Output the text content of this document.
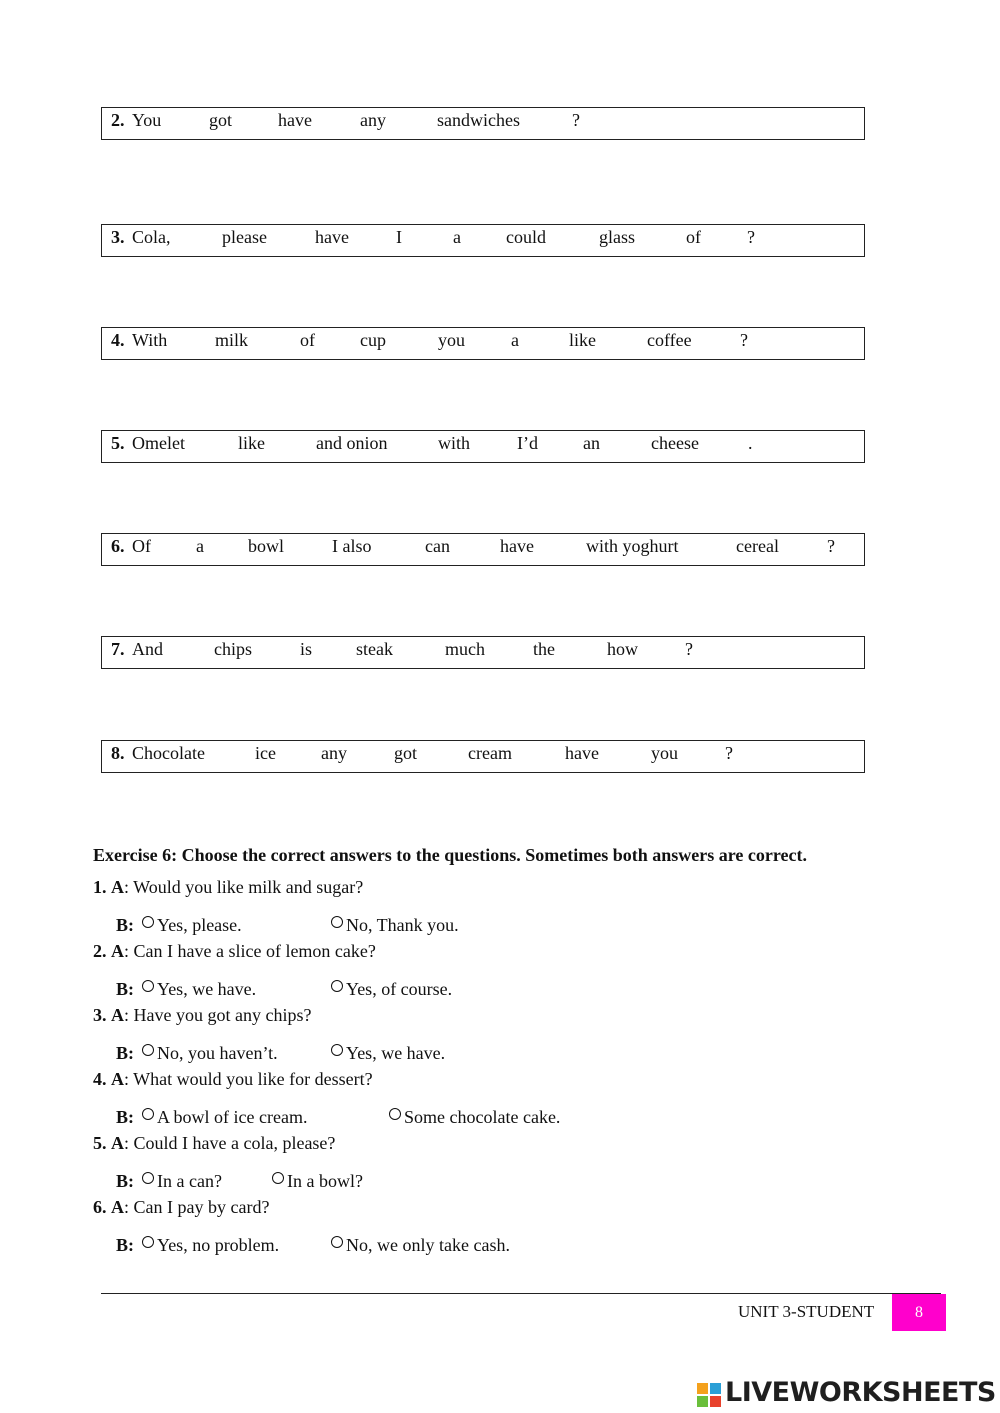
2. You	got	have	any	sandwiches	?
3. Cola,	please	have	I	a	could	glass	of	?
4. With	milk	of	cup	you	a	like	coffee	?
5. Omelet	like	and onion	with	I’d	an	cheese	.
6. Of	a bowl	I also	can	have	with yoghurt	cereal	?
7. And	chips	is steak	much	the	how	?
8. Chocolate	ice	any	got	cream	have	you	?
Exercise 6: Choose the correct answers to the questions. Sometimes both answers are correct.
1. A: Would you like milk and sugar?
B:	Yes, please.	No, Thank you.
2. A: Can I have a slice of lemon cake?
B:	Yes, we have.	Yes, of course.
3. A: Have you got any chips?
B:	No, you haven’t.	Yes, we have.
4. A: What would you like for dessert?
B:	A bowl of ice cream.	Some chocolate cake.
5. A: Could I have a cola, please?
B:	In a can?	In a bowl?
6. A: Can I pay by card?
B:	Yes, no problem.	No, we only take cash.
UNIT 3-STUDENT	8
LIVEWORKSHEETS
